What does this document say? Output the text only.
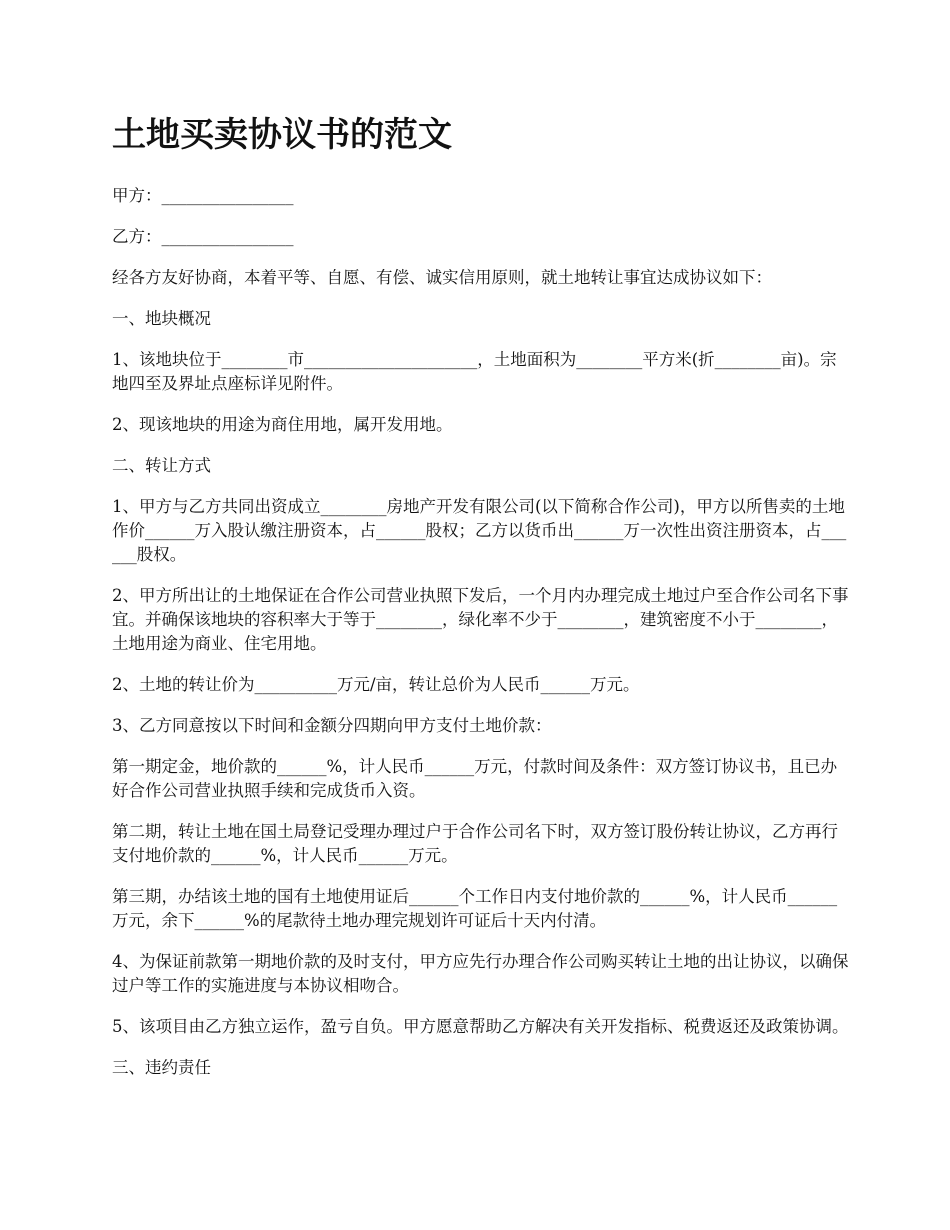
土地买卖协议书的范文

甲方：________________

乙方：________________

经各方友好协商，本着平等、自愿、有偿、诚实信用原则，就土地转让事宜达成协议如下：

一、地块概况

1、该地块位于________市_____________________，土地面积为________平方米(折________亩)。宗地四至及界址点座标详见附件。

2、现该地块的用途为商住用地，属开发用地。

二、转让方式

1、甲方与乙方共同出资成立________房地产开发有限公司(以下简称合作公司)，甲方以所售卖的土地作价______万入股认缴注册资本，占______股权；乙方以货币出______万一次性出资注册资本，占______股权。

2、甲方所出让的土地保证在合作公司营业执照下发后，一个月内办理完成土地过户至合作公司名下事宜。并确保该地块的容积率大于等于________，绿化率不少于________，建筑密度不小于________，土地用途为商业、住宅用地。

2、土地的转让价为__________万元/亩，转让总价为人民币______万元。

3、乙方同意按以下时间和金额分四期向甲方支付土地价款：

第一期定金，地价款的______%，计人民币______万元，付款时间及条件：双方签订协议书，且已办好合作公司营业执照手续和完成货币入资。

第二期，转让土地在国土局登记受理办理过户于合作公司名下时，双方签订股份转让协议，乙方再行支付地价款的______%，计人民币______万元。

第三期，办结该土地的国有土地使用证后______个工作日内支付地价款的______%，计人民币______万元，余下______%的尾款待土地办理完规划许可证后十天内付清。

4、为保证前款第一期地价款的及时支付，甲方应先行办理合作公司购买转让土地的出让协议，以确保过户等工作的实施进度与本协议相吻合。

5、该项目由乙方独立运作，盈亏自负。甲方愿意帮助乙方解决有关开发指标、税费返还及政策协调。

三、违约责任
